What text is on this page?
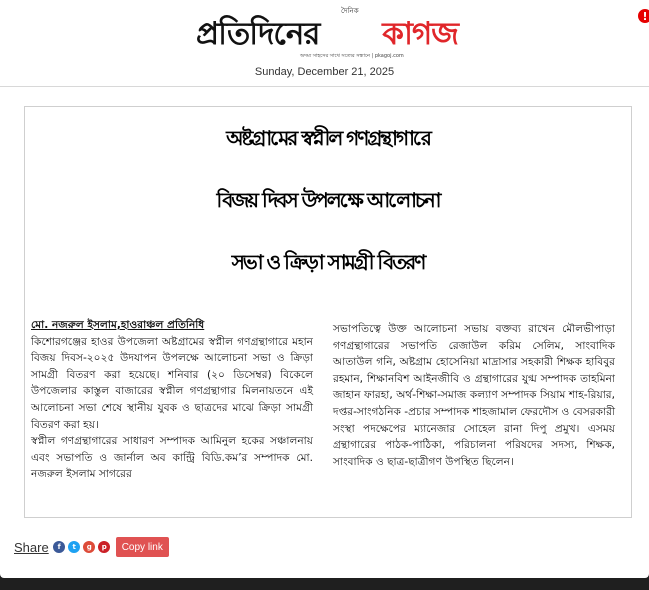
দৈনিক
প্রতিদিনের কাগজ
অদম্য সাহসের সাথে সত্যের সন্ধানে | pkagoj.com
Sunday, December 21, 2025
অষ্টগ্রামের স্বপ্নীল গণগ্রন্থাগারে
বিজয় দিবস উপলক্ষে আলোচনা
সভা ও ক্রিড়া সামগ্রী বিতরণ
মো. নজরুল ইসলাম,হাওরাঞ্চল প্রতিনিধি

কিশোরগঞ্জের হাওর উপজেলা অষ্টগ্রামের স্বপ্নীল গণগ্রন্থাগারে মহান বিজয় দিবস-২০২৫ উদযাপন উপলক্ষে আলোচনা সভা ও ক্রিড়া সামগ্রী বিতরণ করা হয়েছে। শনিবার (২০ ডিসেম্বর) বিকেলে উপজেলার কাস্তুল বাজারের স্বপ্নীল গণগ্রন্থাগার মিলনায়তনে এই আলোচনা সভা শেষে স্থানীয় যুবক ও ছাত্রদের মাঝে ক্রিড়া সামগ্রী বিতরণ করা হয়।

স্বপ্নীল গণগ্রন্থাগারের সাধারণ সম্পাদক আমিনুল হকের সঞ্চালনায় এবং সভাপতি ও জার্নাল অব কান্ট্রি বিডি.কম’র সম্পাদক মো. নজরুল ইসলাম সাগরের

সভাপতিত্বে উক্ত আলোচনা সভায় বক্তব্য রাখেন মৌলভীপাড়া গণগ্রন্থাগারের সভাপতি রেজাউল করিম সেলিম, সাংবাদিক আতাউল গনি, অষ্টগ্রাম হোসেনিয়া মাদ্রাসার সহকারী শিক্ষক হাবিবুর রহমান, শিক্ষানবিশ আইনজীবি ও গ্রন্থাগারের যুগ্ম সম্পাদক তাহমিনা জাহান ফারহা, অর্থ-শিক্ষা-সমাজ কল্যাণ সম্পাদক সিয়াম শাহ-রিয়ার, দপ্তর-সাংগঠনিক -প্রচার সম্পাদক শাহজামাল ফেরদৌস ও বেসরকারী সংস্থা পদক্ষেপের ম্যানেজার সোহেল রানা দিপু প্রমুখ। এসময় গ্রন্থাগারের পাঠক-পাঠিকা, পরিচালনা পরিষদের সদস্য, শিক্ষক, সাংবাদিক ও ছাত্র-ছাত্রীগণ উপস্থিত ছিলেন।

Share	f	t	g	p	Copy link
!
